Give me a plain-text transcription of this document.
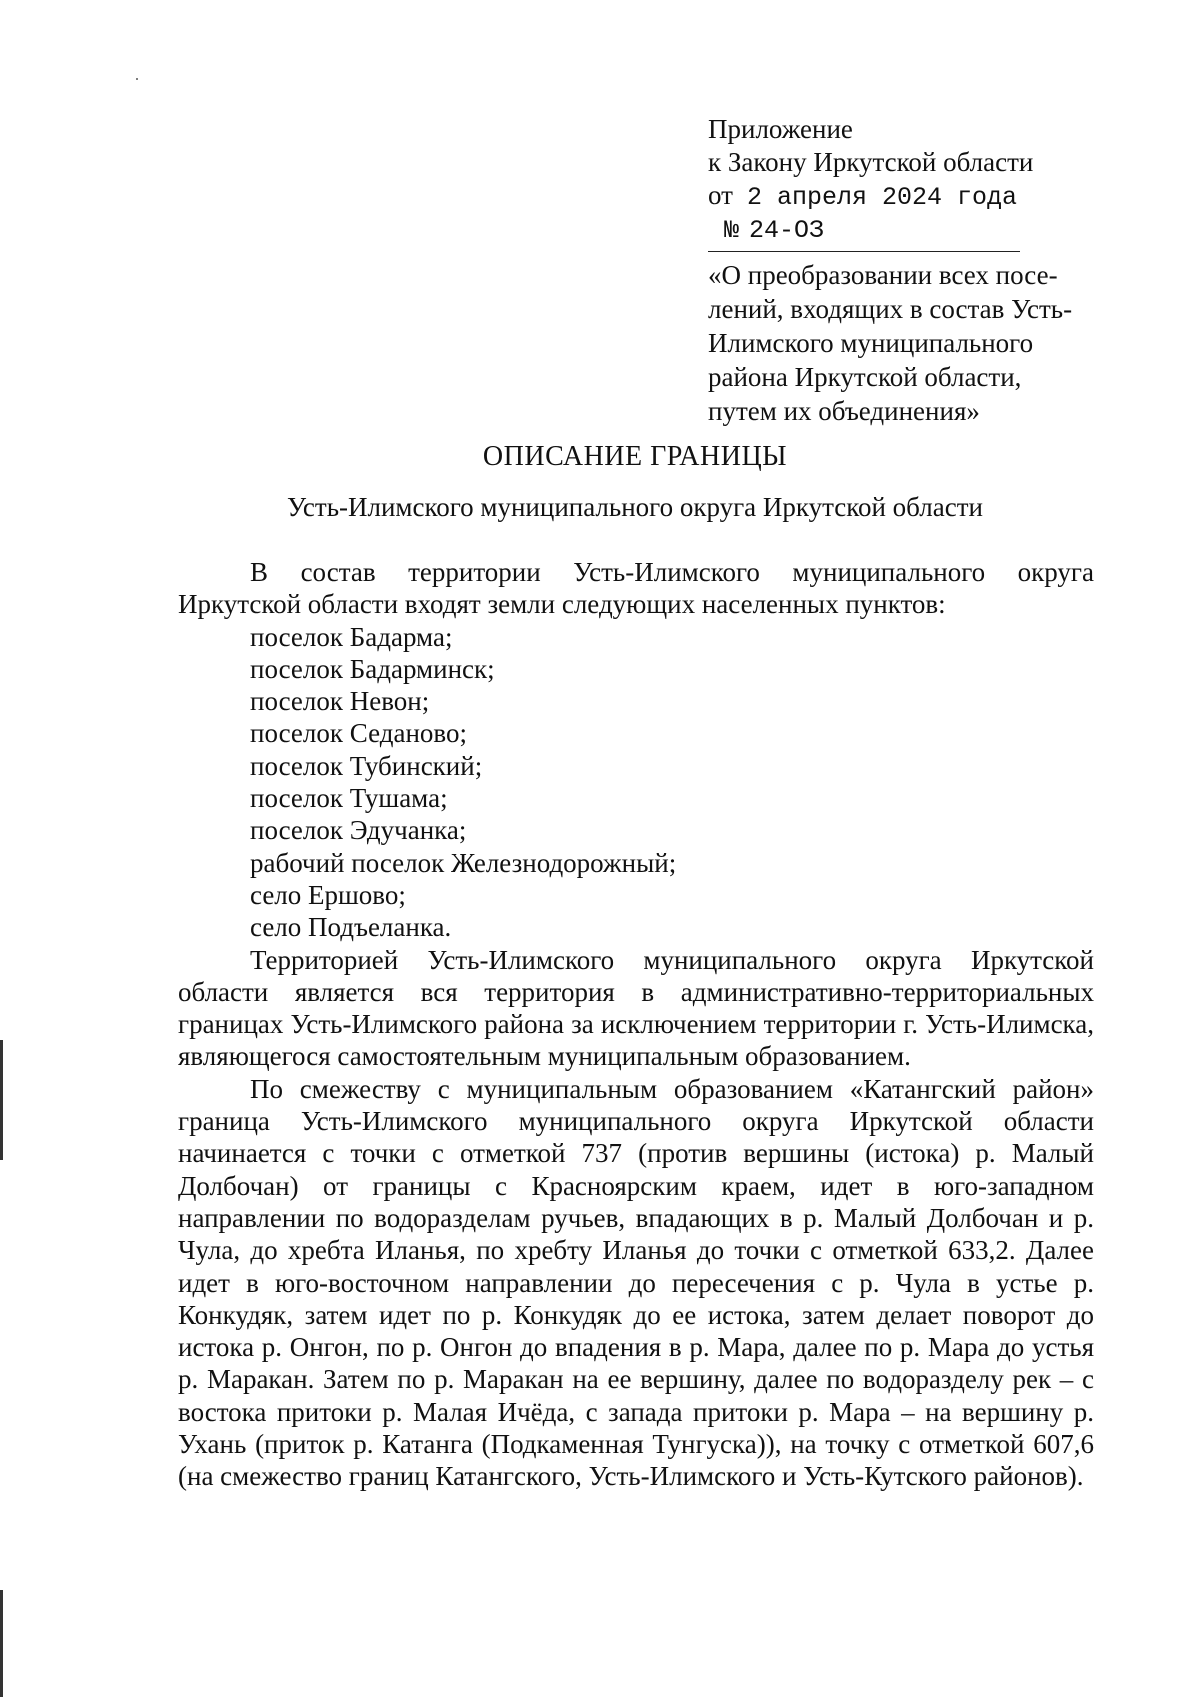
Приложение
к Закону Иркутской области
от 2 апреля 2024 года
№ 24-ОЗ
«О преобразовании всех посе-
лений, входящих в состав Усть-
Илимского муниципального
района Иркутской области,
путем их объединения»
ОПИСАНИЕ ГРАНИЦЫ
Усть-Илимского муниципального округа Иркутской области

В состав территории Усть-Илимского муниципального округа Иркутской области входят земли следующих населенных пунктов:

поселок Бадарма;
поселок Бадарминск;
поселок Невон;
поселок Седаново;
поселок Тубинский;
поселок Тушама;
поселок Эдучанка;
рабочий поселок Железнодорожный;
село Ершово;
село Подъеланка.

Территорией Усть-Илимского муниципального округа Иркутской области является вся территория в административно-территориальных границах Усть-Илимского района за исключением территории г. Усть-Илимска, являющегося самостоятельным муниципальным образованием.

По смежеству с муниципальным образованием «Катангский район» граница Усть-Илимского муниципального округа Иркутской области начинается с точки с отметкой 737 (против вершины (истока) р. Малый Долбочан) от границы с Красноярским краем, идет в юго-западном направлении по водоразделам ручьев, впадающих в р. Малый Долбочан и р. Чула, до хребта Иланья, по хребту Иланья до точки с отметкой 633,2. Далее идет в юго-восточном направлении до пересечения с р. Чула в устье р. Конкудяк, затем идет по р. Конкудяк до ее истока, затем делает поворот до истока р. Онгон, по р. Онгон до впадения в р. Мара, далее по р. Мара до устья р. Маракан. Затем по р. Маракан на ее вершину, далее по водоразделу рек – с востока притоки р. Малая Ичёда, с запада притоки р. Мара – на вершину р. Ухань (приток р. Катанга (Подкаменная Тунгуска)), на точку с отметкой 607,6 (на смежество границ Катангского, Усть-Илимского и Усть-Кутского районов).
